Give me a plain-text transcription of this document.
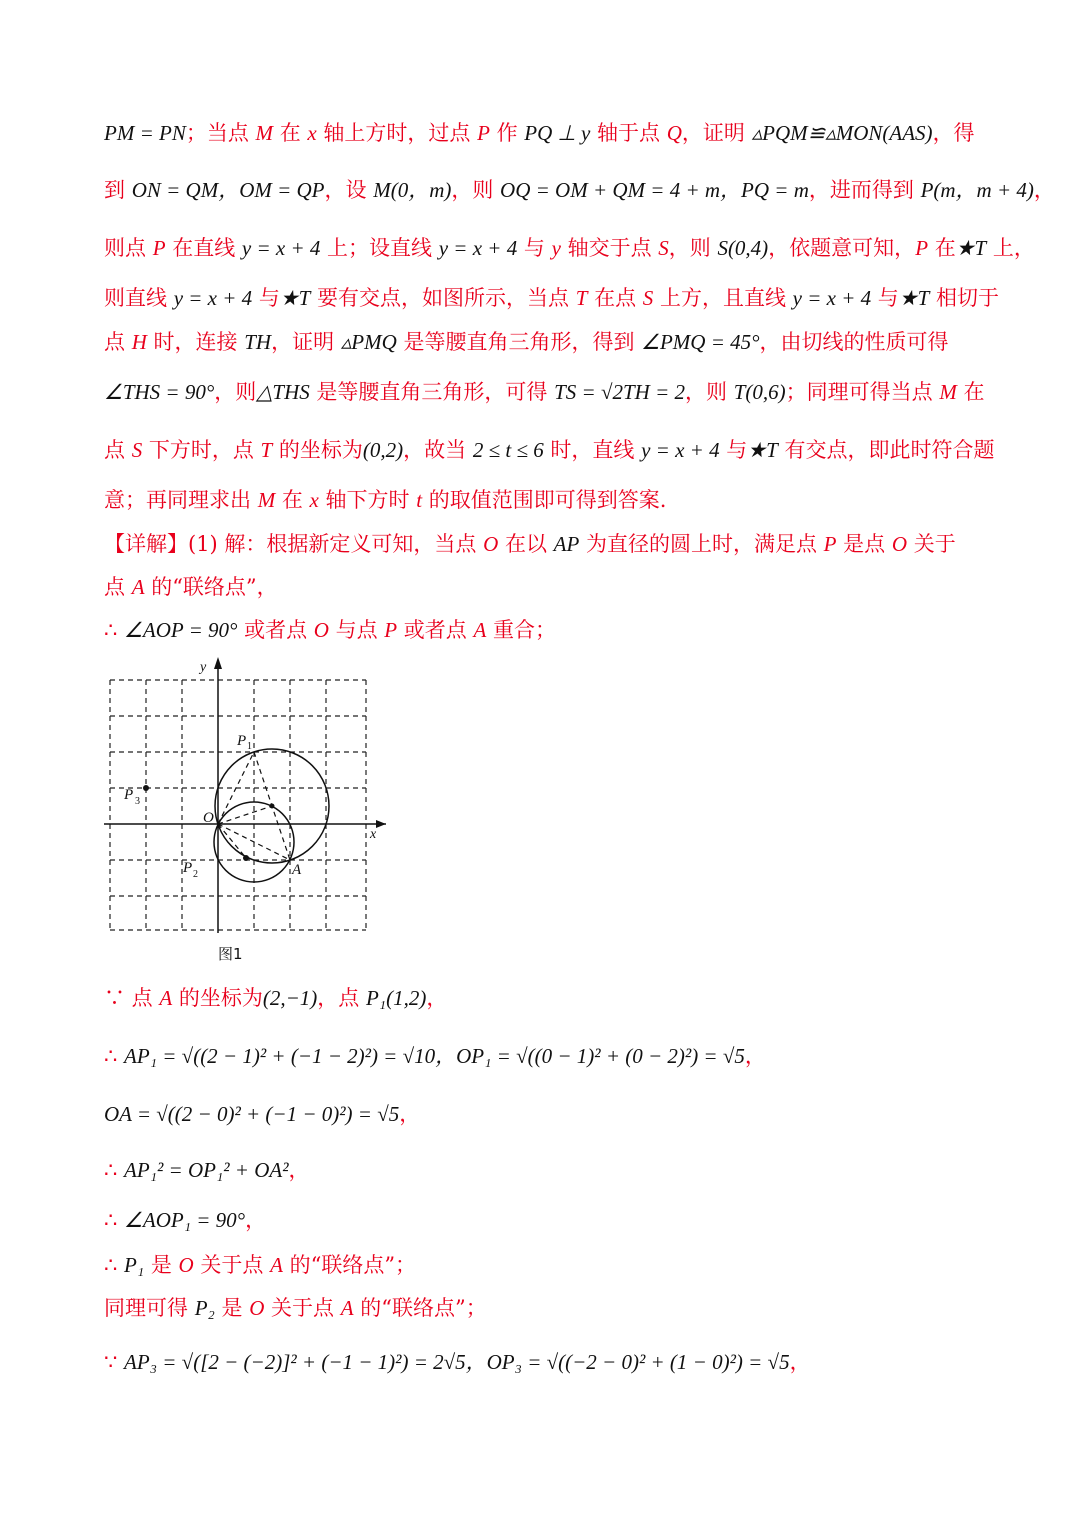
PM = PN；当点 M 在 x 轴上方时，过点 P 作 PQ ⊥ y 轴于点 Q，证明 ▵PQM≌▵MON(AAS)，得
到 ON = QM，OM = QP，设 M(0，m)，则 OQ = OM + QM = 4 + m，PQ = m，进而得到 P(m，m + 4)，
则点 P 在直线 y = x + 4 上；设直线 y = x + 4 与 y 轴交于点 S，则 S(0,4)，依题意可知，P 在★T 上，
则直线 y = x + 4 与★T 要有交点，如图所示，当点 T 在点 S 上方，且直线 y = x + 4 与★T 相切于
点 H 时，连接 TH，证明 ▵PMQ 是等腰直角三角形，得到 ∠PMQ = 45°，由切线的性质可得
∠THS = 90°，则△THS 是等腰直角三角形，可得 TS = √2TH = 2，则 T(0,6)；同理可得当点 M 在
点 S 下方时，点 T 的坐标为(0,2)，故当 2 ≤ t ≤ 6 时，直线 y = x + 4 与★T 有交点，即此时符合题
意；再同理求出 M 在 x 轴下方时 t 的取值范围即可得到答案.
【详解】(1) 解：根据新定义可知，当点 O 在以 AP 为直径的圆上时，满足点 P 是点 O 关于
点 A 的“联络点”，
∴ ∠AOP = 90° 或者点 O 与点 P 或者点 A 重合；
∵ 点 A 的坐标为(2,−1)，点 P₁(1,2)，
∴ AP₁ = √((2 − 1)² + (−1 − 2)²) = √10，OP₁ = √((0 − 1)² + (0 − 2)²) = √5，
OA = √((2 − 0)² + (−1 − 0)²) = √5，
∴ AP₁² = OP₁² + OA²，
∴ ∠AOP₁ = 90°，
∴ P₁ 是 O 关于点 A 的“联络点”；
同理可得 P₂ 是 O 关于点 A 的“联络点”；
∵ AP₃ = √([2 − (−2)]² + (−1 − 1)²) = 2√5，OP₃ = √((−2 − 0)² + (1 − 0)²) = √5，
y
x
O
P 1
P 2
P 3
A
图1
